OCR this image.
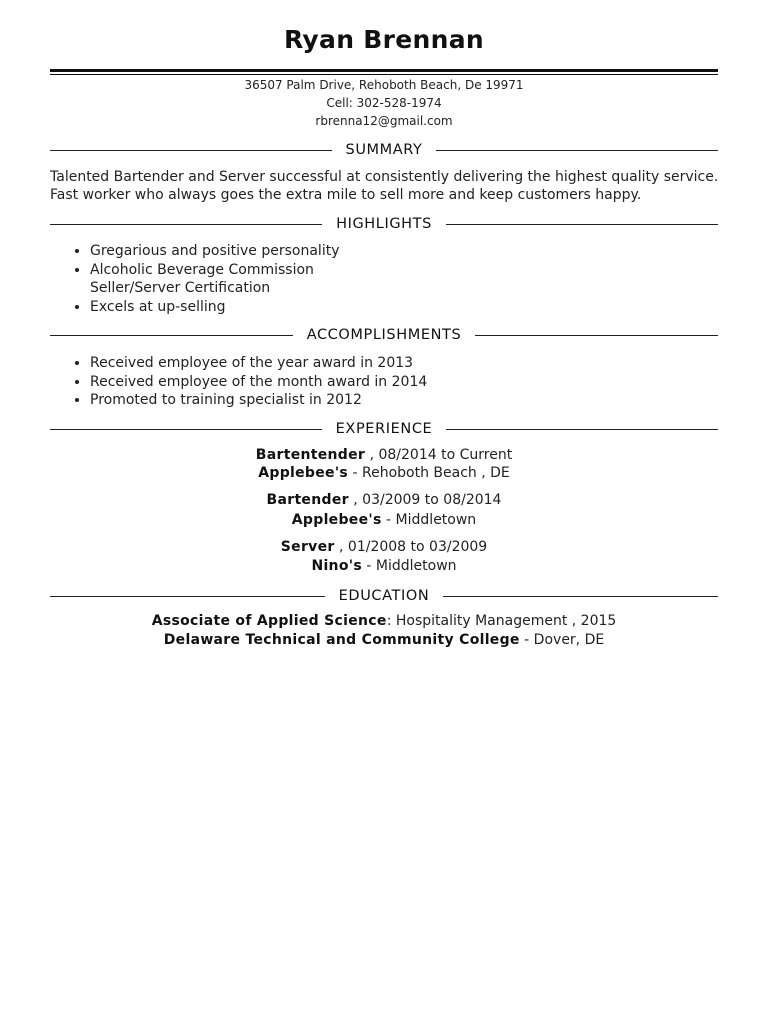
Ryan Brennan
36507 Palm Drive, Rehoboth Beach, De 19971
Cell: 302-528-1974
rbrenna12@gmail.com
SUMMARY
Talented Bartender and Server successful at consistently delivering the highest quality service. Fast worker who always goes the extra mile to sell more and keep customers happy.
HIGHLIGHTS
• Gregarious and positive personality
• Alcoholic Beverage Commission Seller/Server Certification
• Excels at up-selling
ACCOMPLISHMENTS
• Received employee of the year award in 2013
• Received employee of the month award in 2014
• Promoted to training specialist in 2012
EXPERIENCE
Bartentender , 08/2014 to Current
Applebee's - Rehoboth Beach , DE
Bartender , 03/2009 to 08/2014
Applebee's - Middletown
Server , 01/2008 to 03/2009
Nino's - Middletown
EDUCATION
Associate of Applied Science: Hospitality Management , 2015
Delaware Technical and Community College - Dover, DE
